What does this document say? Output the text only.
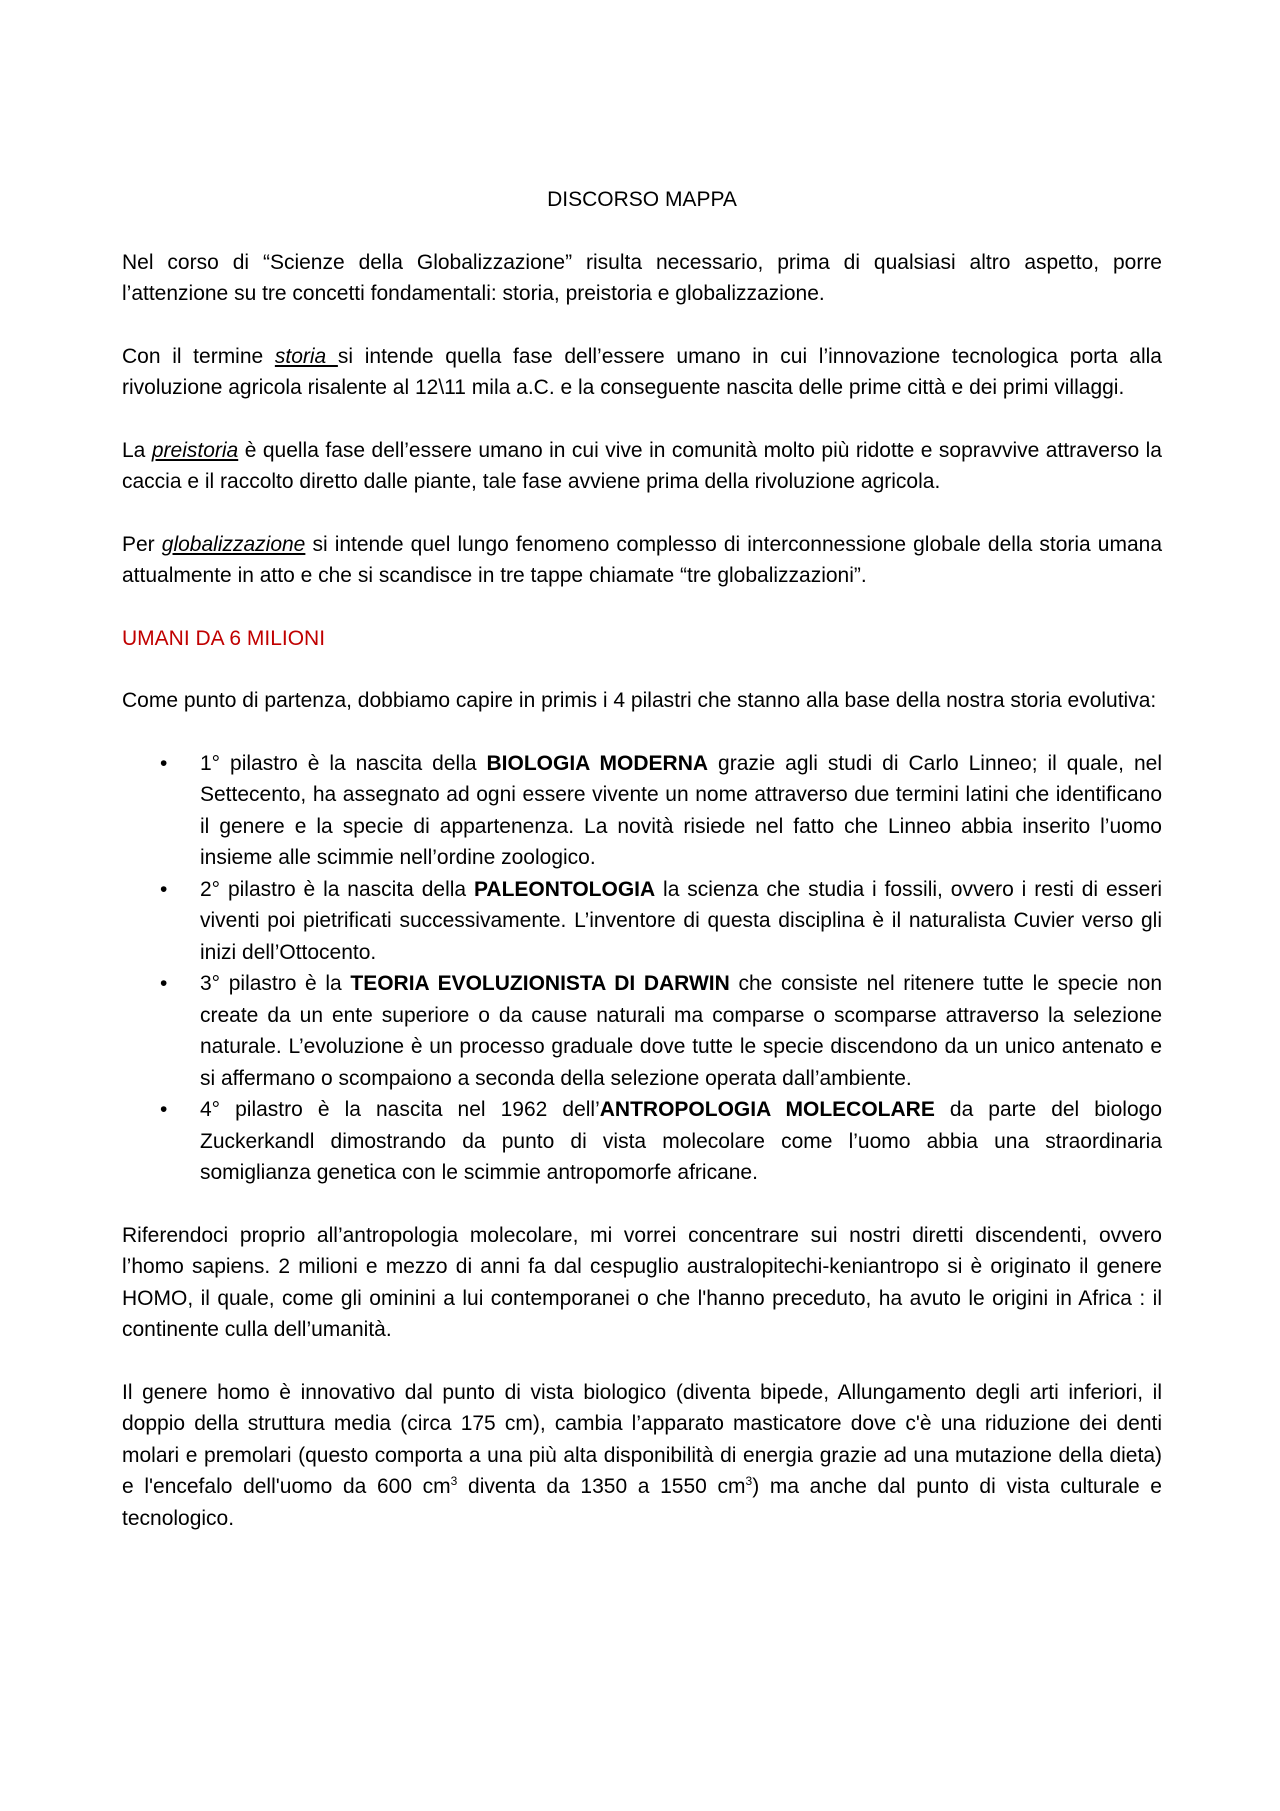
DISCORSO MAPPA

Nel corso di “Scienze della Globalizzazione” risulta necessario, prima di qualsiasi altro aspetto, porre l’attenzione su tre concetti fondamentali: storia, preistoria e globalizzazione.

Con il termine storia si intende quella fase dell’essere umano in cui l’innovazione tecnologica porta alla rivoluzione agricola risalente al 12\11 mila a.C. e la conseguente nascita delle prime città e dei primi villaggi.

La preistoria è quella fase dell’essere umano in cui vive in comunità molto più ridotte e sopravvive attraverso la caccia e il raccolto diretto dalle piante, tale fase avviene prima della rivoluzione agricola.

Per globalizzazione si intende quel lungo fenomeno complesso di interconnessione globale della storia umana attualmente in atto e che si scandisce in tre tappe chiamate “tre globalizzazioni”.

UMANI DA 6 MILIONI

Come punto di partenza, dobbiamo capire in primis i 4 pilastri che stanno alla base della nostra storia evolutiva:

• 1° pilastro è la nascita della BIOLOGIA MODERNA grazie agli studi di Carlo Linneo; il quale, nel Settecento, ha assegnato ad ogni essere vivente un nome attraverso due termini latini che identificano il genere e la specie di appartenenza. La novità risiede nel fatto che Linneo abbia inserito l’uomo insieme alle scimmie nell’ordine zoologico.
• 2° pilastro è la nascita della PALEONTOLOGIA la scienza che studia i fossili, ovvero i resti di esseri viventi poi pietrificati successivamente. L’inventore di questa disciplina è il naturalista Cuvier verso gli inizi dell’Ottocento.
• 3° pilastro è la TEORIA EVOLUZIONISTA DI DARWIN che consiste nel ritenere tutte le specie non create da un ente superiore o da cause naturali ma comparse o scomparse attraverso la selezione naturale. L’evoluzione è un processo graduale dove tutte le specie discendono da un unico antenato e si affermano o scompaiono a seconda della selezione operata dall’ambiente.
• 4° pilastro è la nascita nel 1962 dell’ANTROPOLOGIA MOLECOLARE da parte del biologo Zuckerkandl dimostrando da punto di vista molecolare come l’uomo abbia una straordinaria somiglianza genetica con le scimmie antropomorfe africane.

Riferendoci proprio all’antropologia molecolare, mi vorrei concentrare sui nostri diretti discendenti, ovvero l’homo sapiens. 2 milioni e mezzo di anni fa dal cespuglio australopitechi-keniantropo si è originato il genere HOMO, il quale, come gli ominini a lui contemporanei o che l'hanno preceduto, ha avuto le origini in Africa : il continente culla dell’umanità.

Il genere homo è innovativo dal punto di vista biologico (diventa bipede, Allungamento degli arti inferiori, il doppio della struttura media (circa 175 cm), cambia l’apparato masticatore dove c'è una riduzione dei denti molari e premolari (questo comporta a una più alta disponibilità di energia grazie ad una mutazione della dieta) e l'encefalo dell'uomo da 600 $cm^3$ diventa da 1350 a 1550 $cm^3$) ma anche dal punto di vista culturale e tecnologico.
